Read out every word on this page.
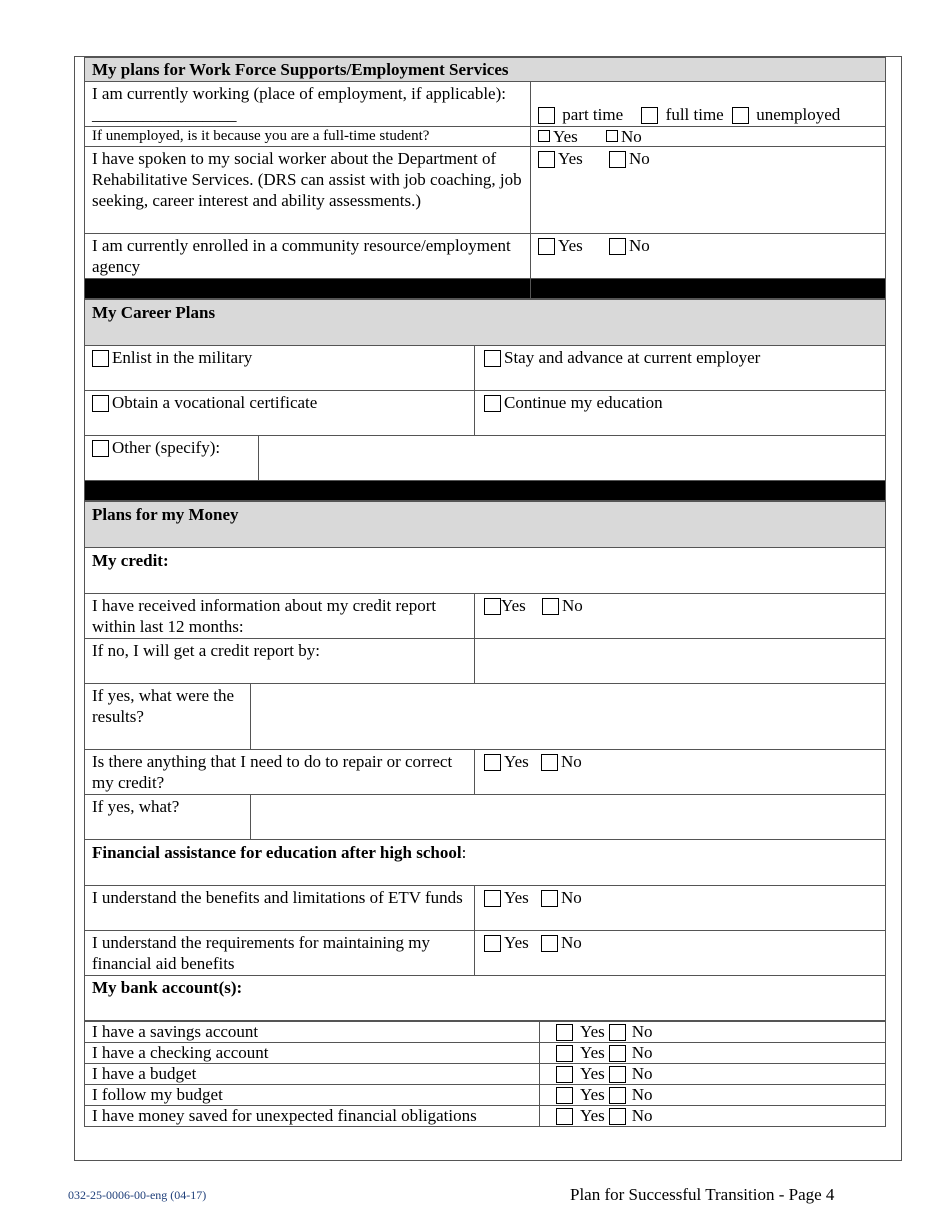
My plans for Work Force Supports/Employment Services	
I am currently working (place of employment, if applicable): _________________	part time full time unemployed
If unemployed, is it because you are a full-time student?	Yes No
I have spoken to my social worker about the Department of Rehabilitative Services. (DRS can assist with job coaching, job seeking, career interest and ability assessments.)	Yes No
I am currently enrolled in a community resource/employment agency	Yes No

My Career Plans		
Enlist in the military		Stay and advance at current employer
Obtain a vocational certificate		Continue my education
Other (specify):		

Plans for my Money		
My credit:		
I have received information about my credit report within last 12 months:		Yes No
If no, I will get a credit report by:		
If yes, what were the results?		
Is there anything that I need to do to repair or correct my credit?		Yes No
If yes, what?		
Financial assistance for education after high school:		
I understand the benefits and limitations of ETV funds		Yes No
I understand the requirements for maintaining my financial aid benefits		Yes No
My bank account(s):		
I have a savings account	Yes No
I have a checking account	Yes No
I have a budget	Yes No
I follow my budget	Yes No
I have money saved for unexpected financial obligations	Yes No
032-25-0006-00-eng (04-17)	Plan for Successful Transition - Page 4
